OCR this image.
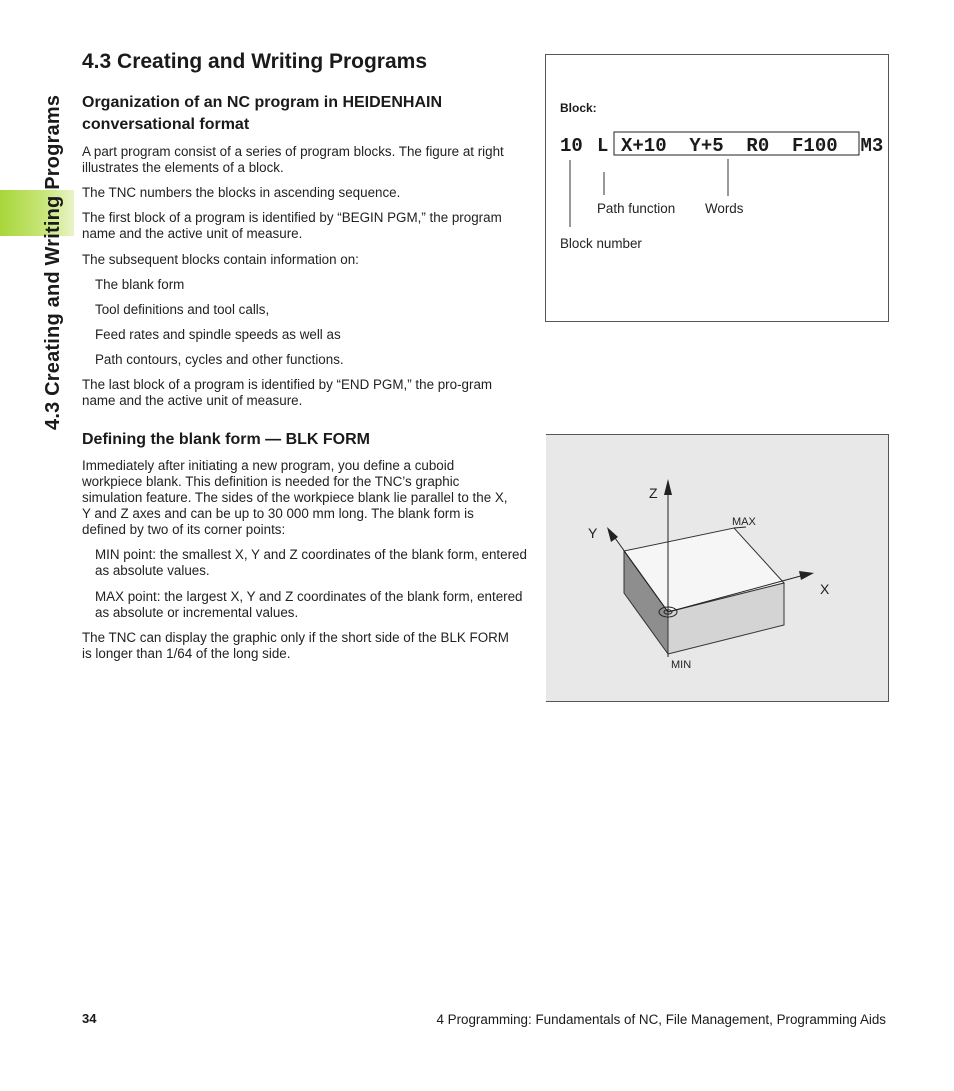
4.3 Creating and Writing Programs
4.3 Creating and Writing Programs
Organization of an NC program in HEIDENHAIN conversational format

A part program consist of a series of program blocks. The figure at right illustrates the elements of a block.

The TNC numbers the blocks in ascending sequence.

The first block of a program is identified by “BEGIN PGM,” the program name and the active unit of measure.

The subsequent blocks contain information on:

The blank form

Tool definitions and tool calls,

Feed rates and spindle speeds as well as

Path contours, cycles and other functions.

The last block of a program is identified by “END PGM,” the pro-gram name and the active unit of measure.

Defining the blank form — BLK FORM

Immediately after initiating a new program, you define a cuboid workpiece blank. This definition is needed for the TNC’s graphic simulation feature. The sides of the workpiece blank lie parallel to the X, Y and Z axes and can be up to 30 000 mm long. The blank form is defined by two of its corner points:

MIN point: the smallest X, Y and Z coordinates of the blank form, entered as absolute values.

MAX point: the largest X, Y and Z coordinates of the blank form, entered as absolute or incremental values.

The TNC can display the graphic only if the short side of the BLK FORM is longer than 1/64 of the long side.

Block:
10 L X+10  Y+5  R0  F100  M3
Path function Words
Block number
Z
Y
X
MAX
MIN
34	4 Programming: Fundamentals of NC, File Management, Programming Aids
